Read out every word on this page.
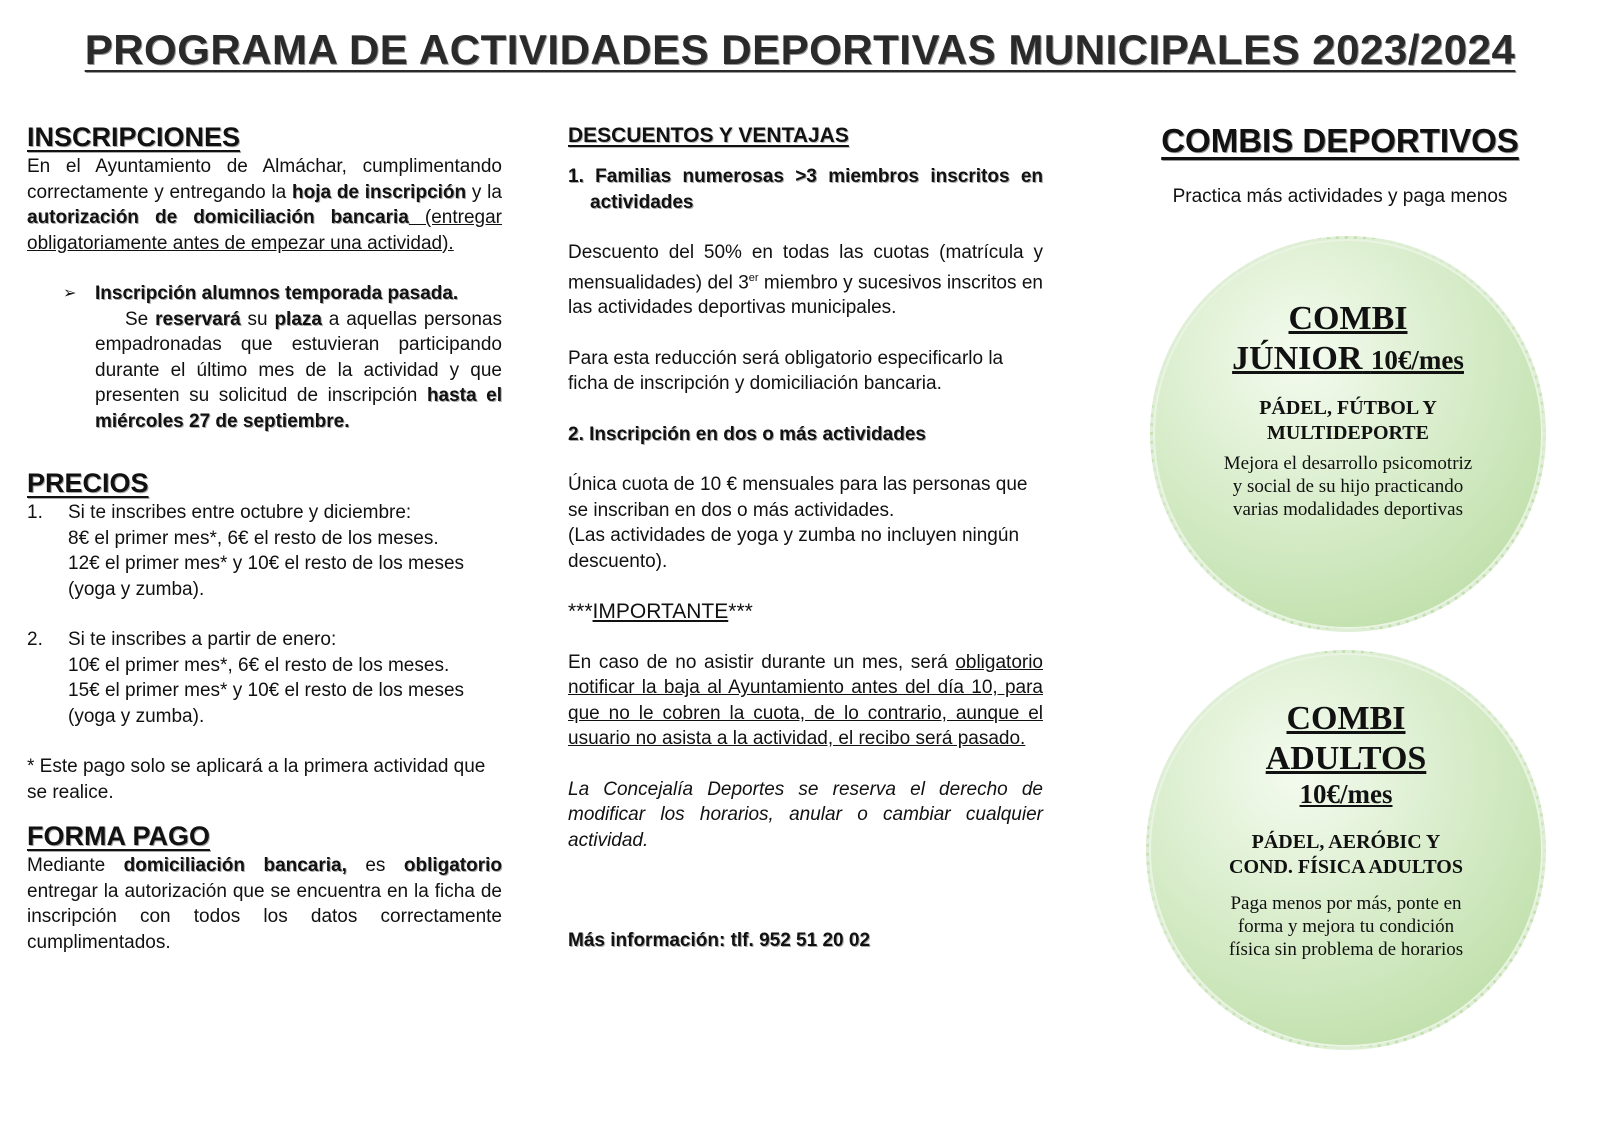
PROGRAMA DE ACTIVIDADES DEPORTIVAS MUNICIPALES 2023/2024
INSCRIPCIONES
En el Ayuntamiento de Almáchar, cumplimentando correctamente y entregando la hoja de inscripción y la autorización de domiciliación bancaria (entregar obligatoriamente antes de empezar una actividad).
➢ Inscripción alumnos temporada pasada.
Se reservará su plaza a aquellas personas empadronadas que estuvieran participando durante el último mes de la actividad y que presenten su solicitud de inscripción hasta el miércoles 27 de septiembre.
PRECIOS
1. Si te inscribes entre octubre y diciembre:
8€ el primer mes*, 6€ el resto de los meses.
12€ el primer mes* y 10€ el resto de los meses (yoga y zumba).
2. Si te inscribes a partir de enero:
10€ el primer mes*, 6€ el resto de los meses.
15€ el primer mes* y 10€ el resto de los meses (yoga y zumba).
* Este pago solo se aplicará a la primera actividad que se realice.
FORMA PAGO
Mediante domiciliación bancaria, es obligatorio entregar la autorización que se encuentra en la ficha de inscripción con todos los datos correctamente cumplimentados.
DESCUENTOS Y VENTAJAS
1. Familias numerosas >3 miembros inscritos en actividades
Descuento del 50% en todas las cuotas (matrícula y mensualidades) del 3er miembro y sucesivos inscritos en las actividades deportivas municipales.
Para esta reducción será obligatorio especificarlo la ficha de inscripción y domiciliación bancaria.
2. Inscripción en dos o más actividades
Única cuota de 10 € mensuales para las personas que se inscriban en dos o más actividades.
(Las actividades de yoga y zumba no incluyen ningún descuento).
***IMPORTANTE***
En caso de no asistir durante un mes, será obligatorio notificar la baja al Ayuntamiento antes del día 10, para que no le cobren la cuota, de lo contrario, aunque el usuario no asista a la actividad, el recibo será pasado.
La Concejalía Deportes se reserva el derecho de modificar los horarios, anular o cambiar cualquier actividad.
Más información: tlf. 952 51 20 02
COMBIS DEPORTIVOS
Practica más actividades y paga menos
COMBI
JÚNIOR 10€/mes
PÁDEL, FÚTBOL Y MULTIDEPORTE
Mejora el desarrollo psicomotriz y social de su hijo practicando varias modalidades deportivas
COMBI
ADULTOS
10€/mes
PÁDEL, AERÓBIC Y
COND. FÍSICA ADULTOS
Paga menos por más, ponte en forma y mejora tu condición física sin problema de horarios
